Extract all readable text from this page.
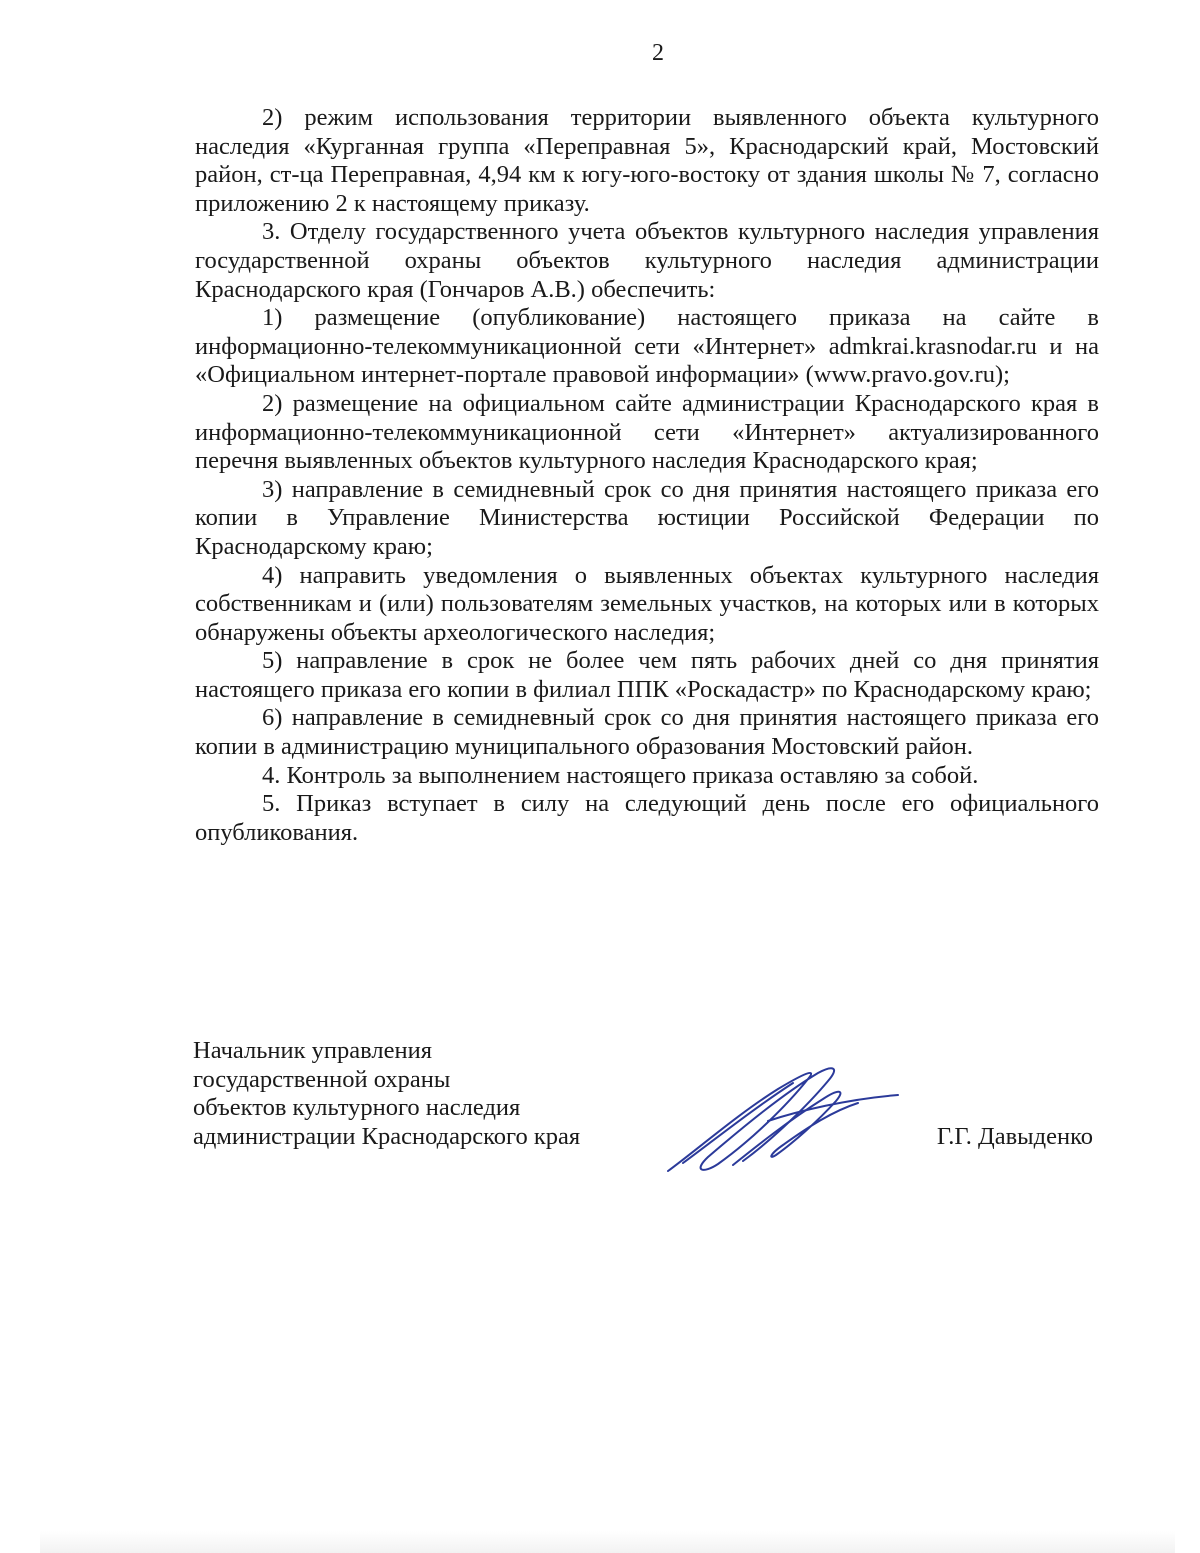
2

2) режим использования территории выявленного объекта культурного наследия «Курганная группа «Переправная 5», Краснодарский край, Мостовский район, ст-ца Переправная, 4,94 км к югу-юго-востоку от здания школы № 7, согласно приложению 2 к настоящему приказу.

3. Отделу государственного учета объектов культурного наследия управления государственной охраны объектов культурного наследия администрации Краснодарского края (Гончаров А.В.) обеспечить:

1) размещение (опубликование) настоящего приказа на сайте в информационно-телекоммуникационной сети «Интернет» admkrai.krasnodar.ru и на «Официальном интернет-портале правовой информации» (www.pravo.gov.ru);

2) размещение на официальном сайте администрации Краснодарского края в информационно-телекоммуникационной сети «Интернет» актуализированного перечня выявленных объектов культурного наследия Краснодарского края;

3) направление в семидневный срок со дня принятия настоящего приказа его копии в Управление Министерства юстиции Российской Федерации по Краснодарскому краю;

4) направить уведомления о выявленных объектах культурного наследия собственникам и (или) пользователям земельных участков, на которых или в которых обнаружены объекты археологического наследия;

5) направление в срок не более чем пять рабочих дней со дня принятия настоящего приказа его копии в филиал ППК «Роскадастр» по Краснодарскому краю;

6) направление в семидневный срок со дня принятия настоящего приказа его копии в администрацию муниципального образования Мостовский район.

4. Контроль за выполнением настоящего приказа оставляю за собой.

5. Приказ вступает в силу на следующий день после его официального опубликования.

Начальник управления
государственной охраны
объектов культурного наследия
администрации Краснодарского края	Г.Г. Давыденко
